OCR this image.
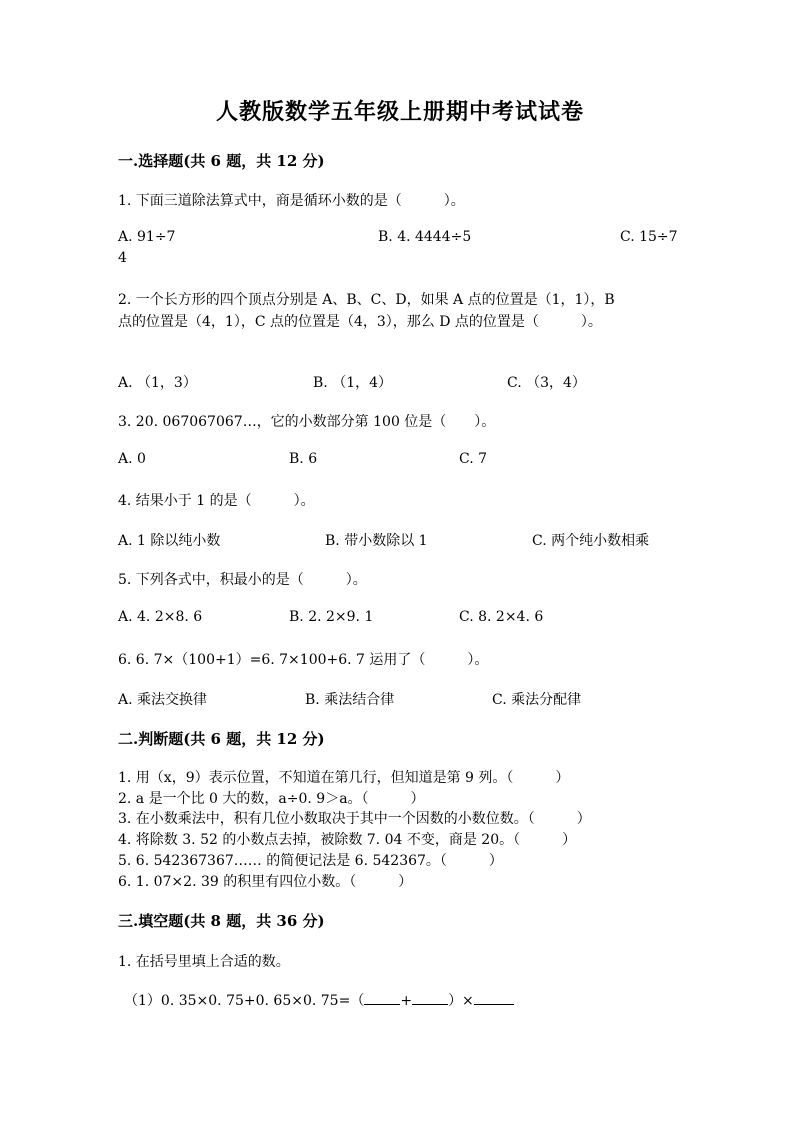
人教版数学五年级上册期中考试试卷
一.选择题(共 6 题，共 12 分)
1. 下面三道除法算式中，商是循环小数的是（　　　）。
A. 91÷7	B. 4. 4444÷5	C. 15÷7
4
2. 一个长方形的四个顶点分别是 A、B、C、D，如果 A 点的位置是（1，1），B
点的位置是（4，1），C 点的位置是（4，3），那么 D 点的位置是（　　　）。
A. （1，3）	B. （1，4）	C. （3，4）
3. 20. 067067067…，它的小数部分第 100 位是（　　）。
A. 0	B. 6	C. 7
4. 结果小于 1 的是（　　　）。
A. 1 除以纯小数	B. 带小数除以 1	C. 两个纯小数相乘
5. 下列各式中，积最小的是（　　　）。
A. 4. 2×8. 6	B. 2. 2×9. 1	C. 8. 2×4. 6
6. 6. 7×（100+1）=6. 7×100+6. 7 运用了（　　　）。
A. 乘法交换律	B. 乘法结合律	C. 乘法分配律
二.判断题(共 6 题，共 12 分)
1. 用（x，9）表示位置，不知道在第几行，但知道是第 9 列。（　　　）
2. a 是一个比 0 大的数，a÷0. 9＞a。（　　　）
3. 在小数乘法中，积有几位小数取决于其中一个因数的小数位数。（　　　）
4. 将除数 3. 52 的小数点去掉，被除数 7. 04 不变，商是 20。（　　　）
5. 6. 542367367…… 的简便记法是 6. 542367。（　　　）
6. 1. 07×2. 39 的积里有四位小数。（　　　）
三.填空题(共 8 题，共 36 分)
1. 在括号里填上合适的数。
（1）0. 35×0. 75+0. 65×0. 75=（	+	）×
